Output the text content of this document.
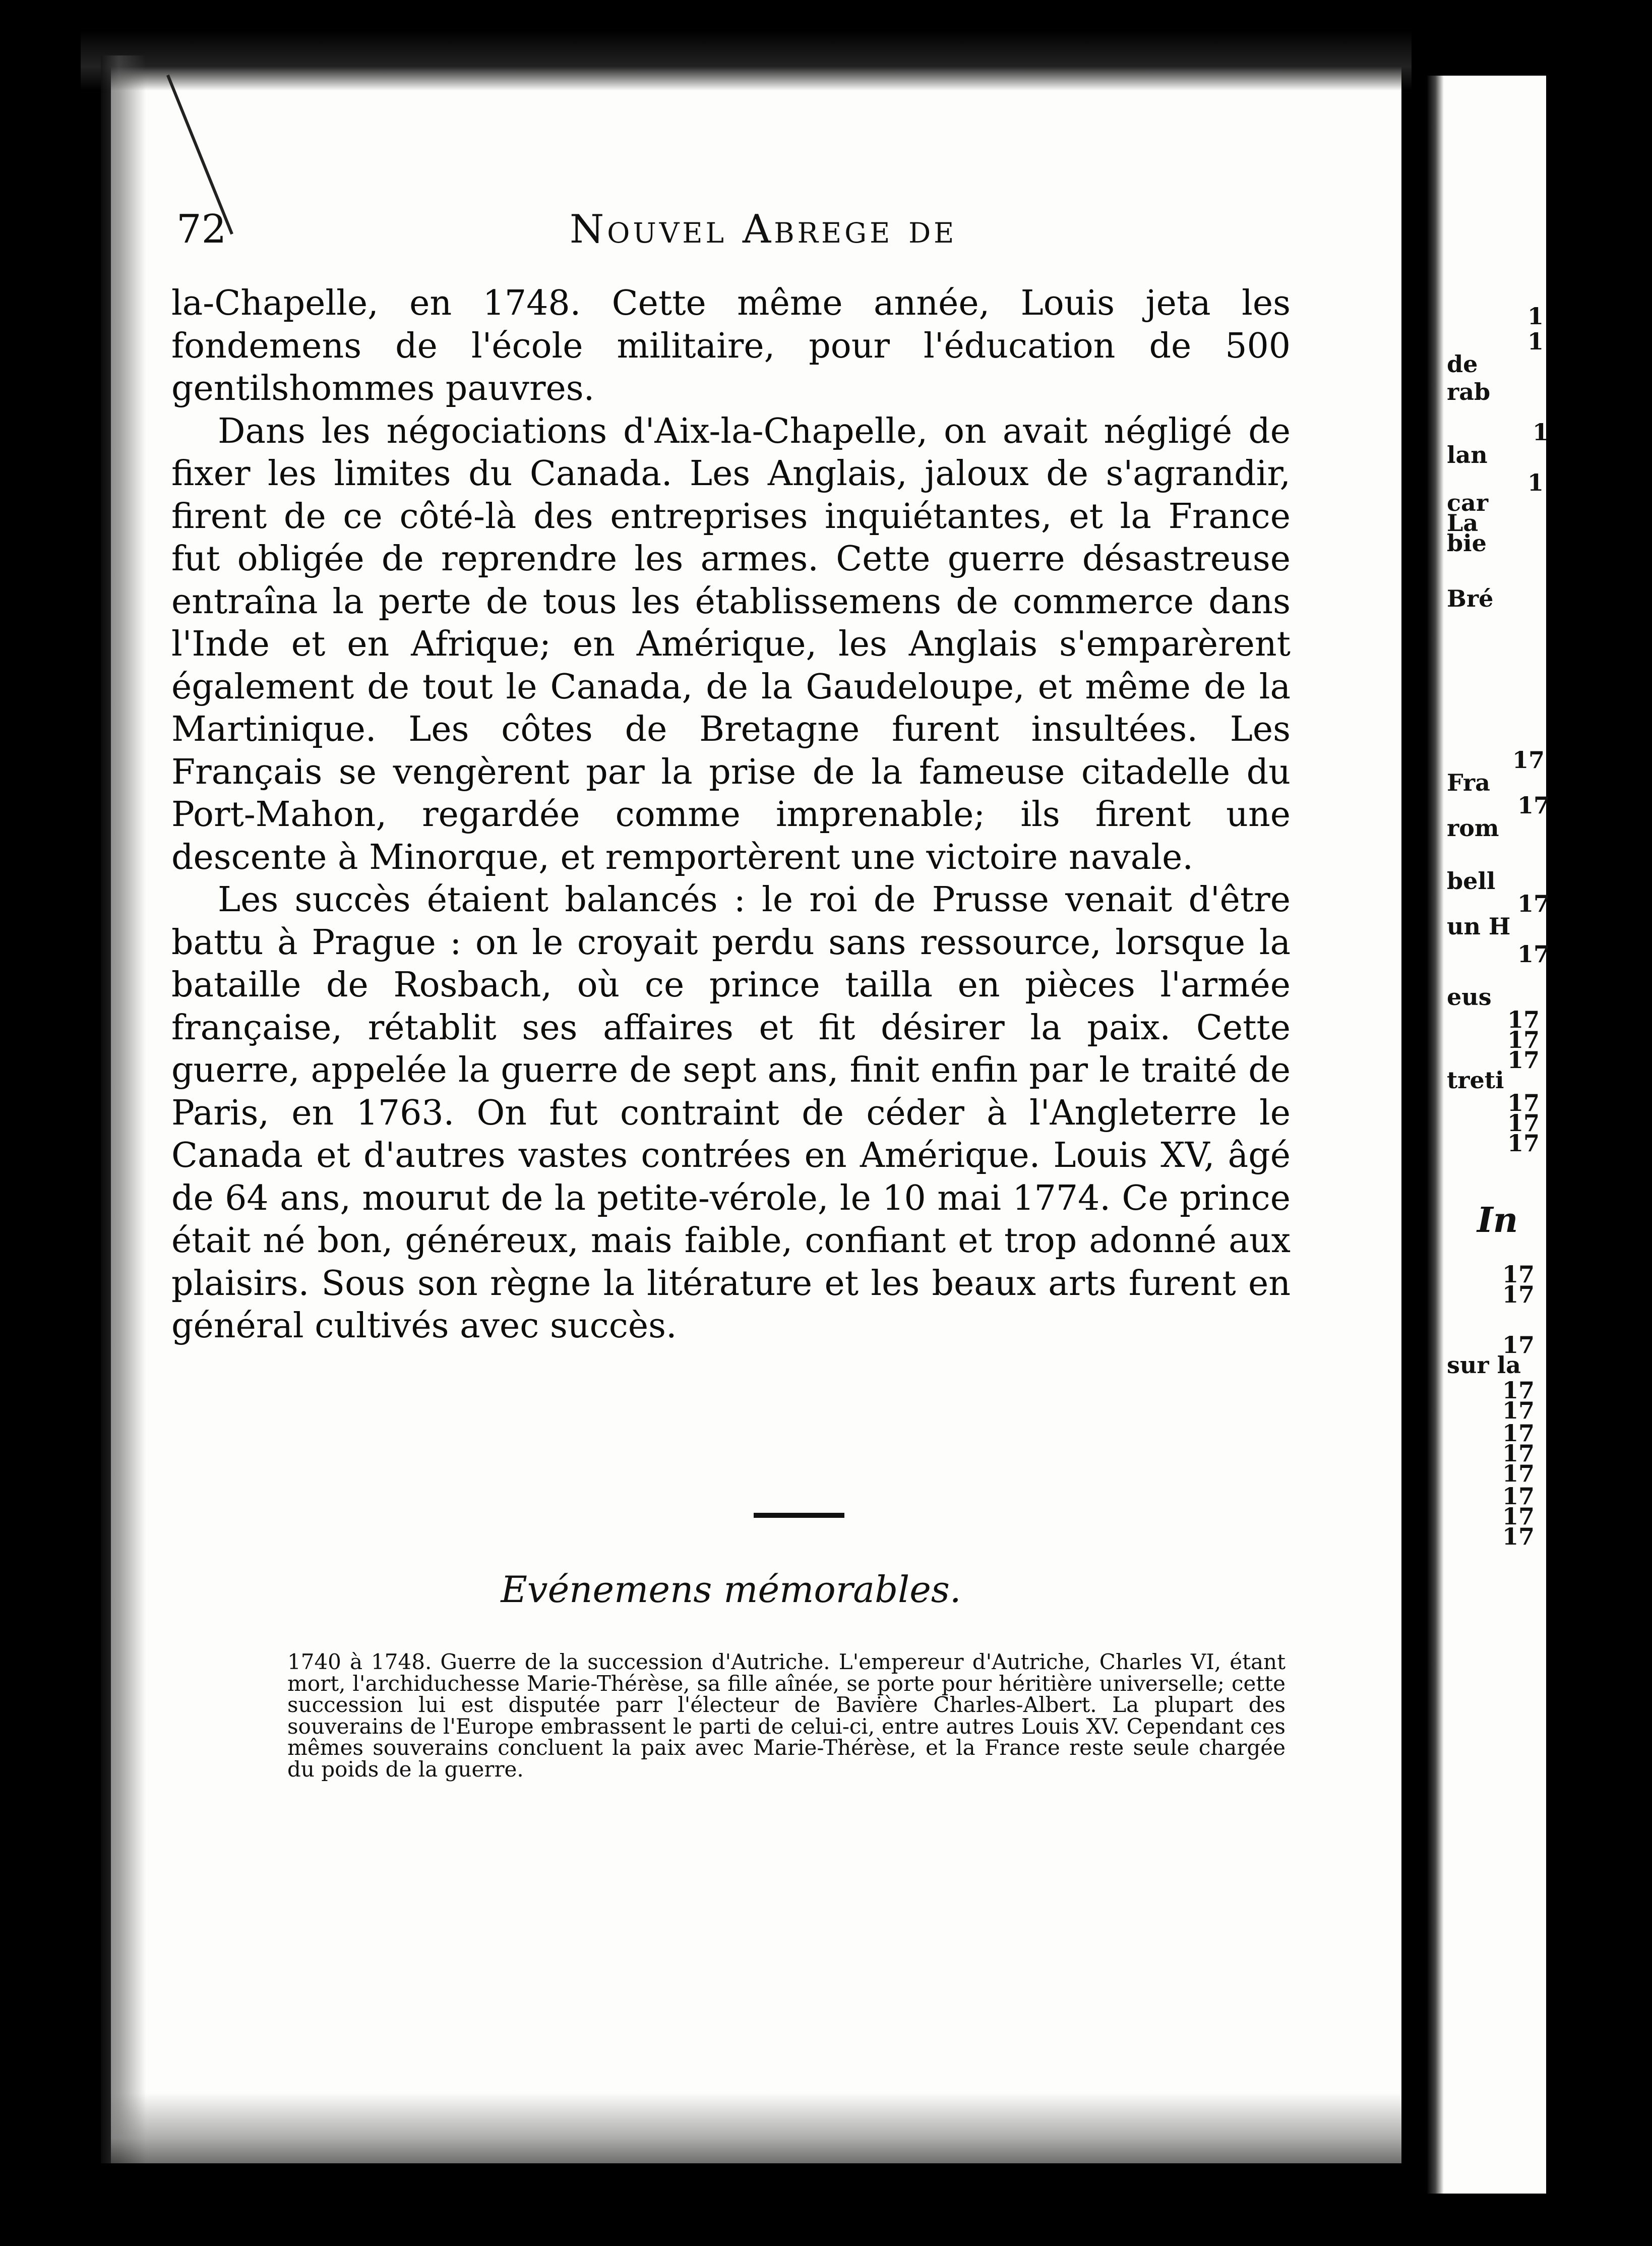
72	Nouvel Abrege de

la-Chapelle, en 1748. Cette même année, Louis jeta les fondemens de l'école militaire, pour l'éducation de 500 gentilshommes pauvres.

Dans les négociations d'Aix-la-Chapelle, on avait négligé de fixer les limites du Canada. Les Anglais, jaloux de s'agrandir, firent de ce côté-là des entreprises inquiétantes, et la France fut obligée de reprendre les armes. Cette guerre désastreuse entraîna la perte de tous les établissemens de commerce dans l'Inde et en Afrique; en Amérique, les Anglais s'emparèrent également de tout le Canada, de la Gaudeloupe, et même de la Martinique. Les côtes de Bretagne furent insultées. Les Français se vengèrent par la prise de la fameuse citadelle du Port-Mahon, regardée comme imprenable; ils firent une descente à Minorque, et remportèrent une victoire navale.

Les succès étaient balancés : le roi de Prusse venait d'être battu à Prague : on le croyait perdu sans ressource, lorsque la bataille de Rosbach, où ce prince tailla en pièces l'armée française, rétablit ses affaires et fit désirer la paix. Cette guerre, appelée la guerre de sept ans, finit enfin par le traité de Paris, en 1763. On fut contraint de céder à l'Angleterre le Canada et d'autres vastes contrées en Amérique. Louis XV, âgé de 64 ans, mourut de la petite-vérole, le 10 mai 1774. Ce prince était né bon, généreux, mais faible, confiant et trop adonné aux plaisirs. Sous son règne la litérature et les beaux arts furent en général cultivés avec succès.

Evénemens mémorables.
1740 à 1748. Guerre de la succession d'Autriche. L'empereur d'Autriche, Charles VI, étant mort, l'archiduchesse Marie-Thérèse, sa fille aînée, se porte pour héritière universelle; cette succession lui est disputée parr l'électeur de Bavière Charles-Albert. La plupart des souverains de l'Europe embrassent le parti de celui-ci, entre autres Louis XV. Cependant ces mêmes souverains concluent la paix avec Marie-Thérèse, et la France reste seule chargée du poids de la guerre.
1
1
de
rab
1
lan
1
car
La
bie
Bré
17
Fra
17
rom
bell
17
un H
17
eus
17
17
17
treti
17
17
17
In
17
17
17
sur la
17
17
17
17
17
17
17
17
